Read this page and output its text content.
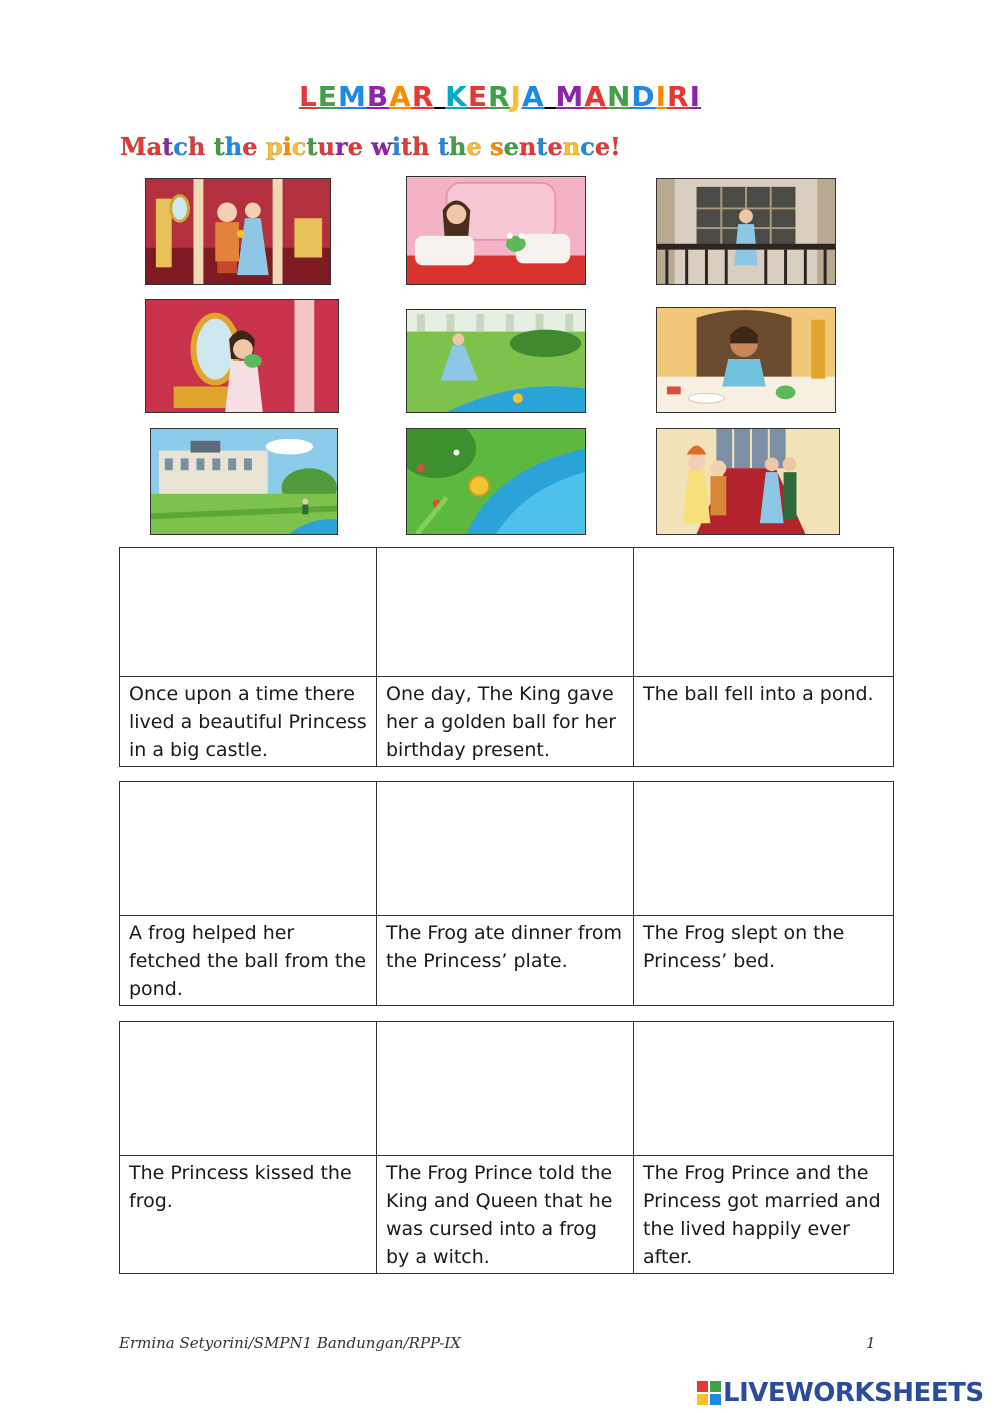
LEMBAR KERJA MANDIRI
Match the picture with the sentence!

Once upon a time there lived a beautiful Princess in a big castle.	One day, The King gave her a golden ball for her birthday present.	The ball fell into a pond.

A frog helped her fetched the ball from the pond.	The Frog ate dinner from the Princess’ plate.	The Frog slept on the Princess’ bed.

The Princess kissed the frog.	The Frog Prince told the King and Queen that he was cursed into a frog by a witch.	The Frog Prince and the Princess got married and the lived happily ever after.
Ermina Setyorini/SMPN1 Bandungan/RPP-IX	1
LIVEWORKSHEETS
